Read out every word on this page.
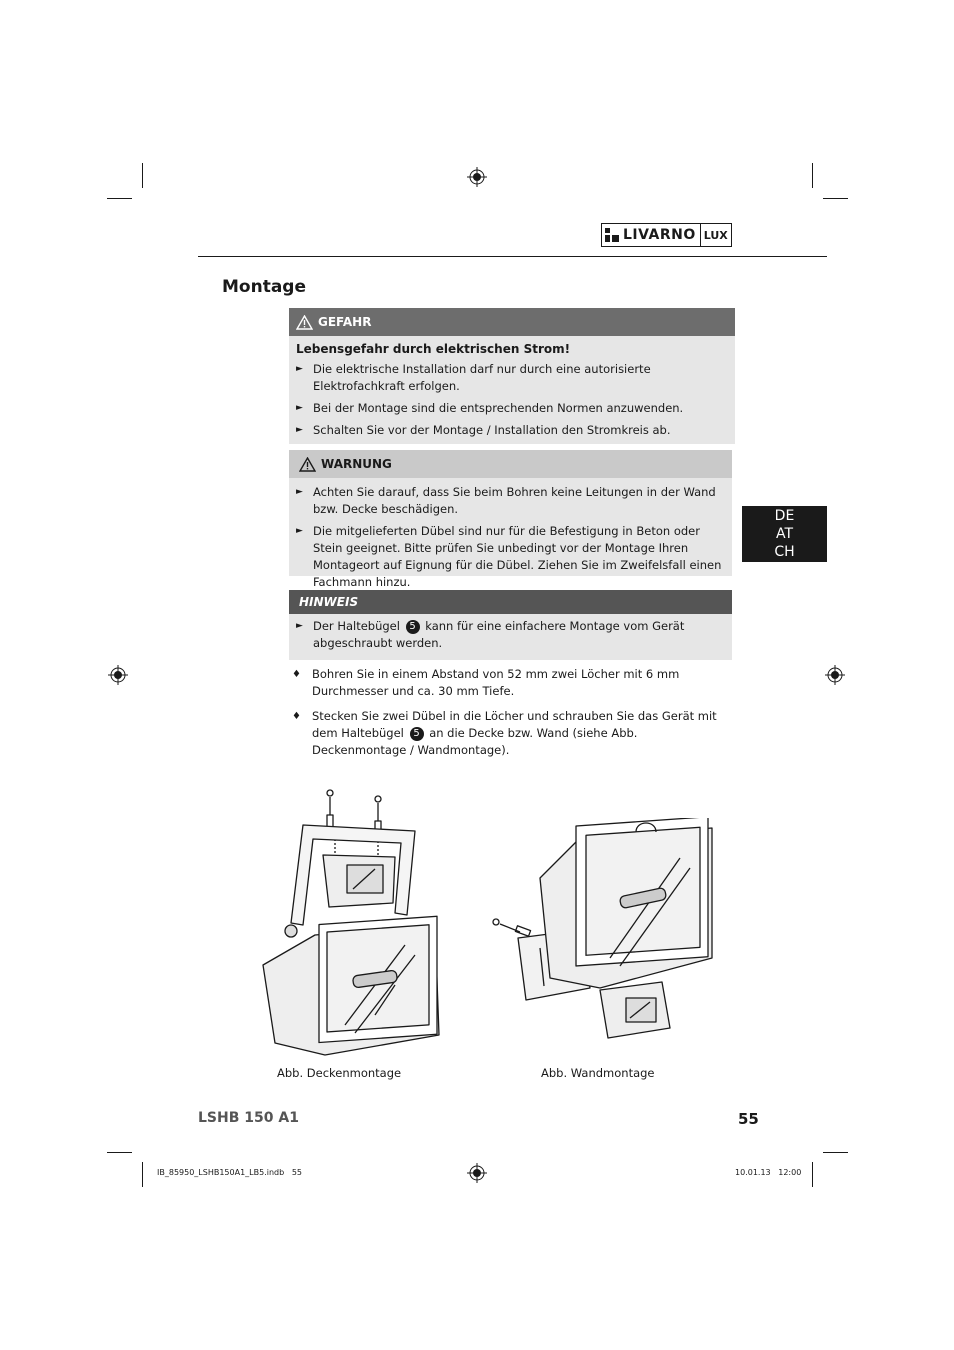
LIVARNO LUX
Montage
GEFAHR
Lebensgefahr durch elektrischen Strom!
► Die elektrische Installation darf nur durch eine autorisierte Elektrofachkraft erfolgen.
► Bei der Montage sind die entsprechenden Normen anzuwenden.
► Schalten Sie vor der Montage / Installation den Stromkreis ab.
WARNUNG
► Achten Sie darauf, dass Sie beim Bohren keine Leitungen in der Wand bzw. Decke beschädigen.
► Die mitgelieferten Dübel sind nur für die Befestigung in Beton oder Stein geeignet. Bitte prüfen Sie unbedingt vor der Montage Ihren Montageort auf Eignung für die Dübel. Ziehen Sie im Zweifelsfall einen Fachmann hinzu.
HINWEIS
► Der Haltebügel 5 kann für eine einfachere Montage vom Gerät abgeschraubt werden.
♦ Bohren Sie in einem Abstand von 52 mm zwei Löcher mit 6 mm Durchmesser und ca. 30 mm Tiefe.
♦ Stecken Sie zwei Dübel in die Löcher und schrauben Sie das Gerät mit dem Haltebügel 5 an die Decke bzw. Wand (siehe Abb. Deckenmontage / Wandmontage).
DE
AT
CH
Abb. Deckenmontage	Abb. Wandmontage
LSHB 150 A1	55
IB_85950_LSHB150A1_LB5.indb   55	10.01.13   12:00
